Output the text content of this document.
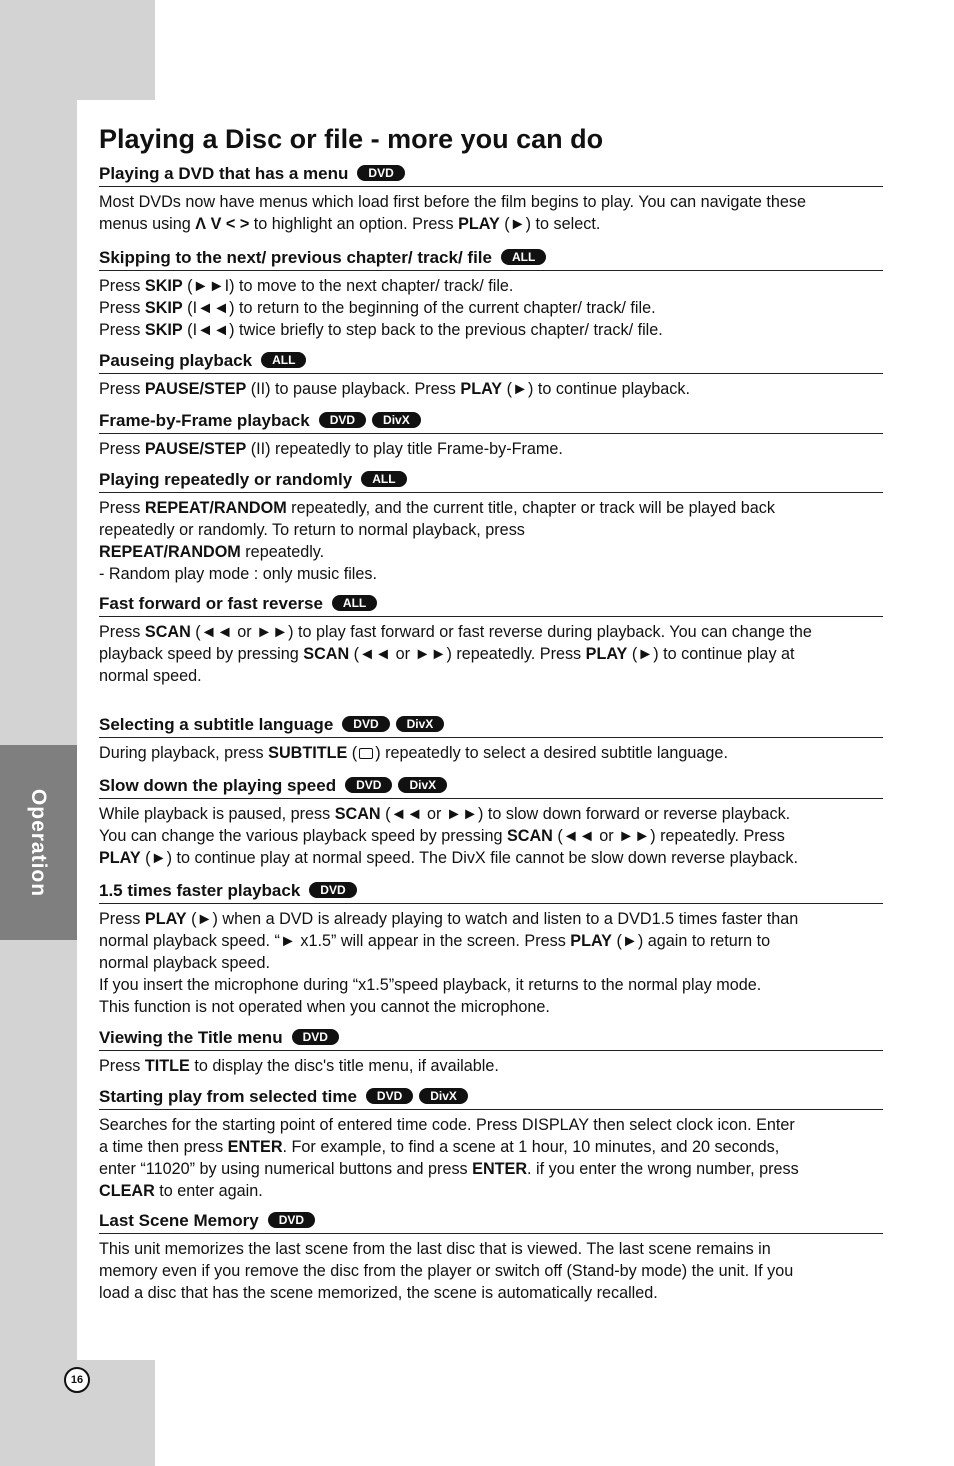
Operation
Playing a Disc or file - more you can do
Playing a DVD that has a menu DVD
Most DVDs now have menus which load first before the film begins to play. You can navigate these
menus using Λ V < > to highlight an option. Press PLAY (►) to select.
Skipping to the next/ previous chapter/ track/ file ALL
Press SKIP (►►I) to move to the next chapter/ track/ file.
Press SKIP (I◄◄) to return to the beginning of the current chapter/ track/ file.
Press SKIP (I◄◄) twice briefly to step back to the previous chapter/ track/ file.
Pauseing playback ALL
Press PAUSE/STEP (II) to pause playback. Press PLAY (►) to continue playback.
Frame-by-Frame playback DVD DivX
Press PAUSE/STEP (II) repeatedly to play title Frame-by-Frame.
Playing repeatedly or randomly ALL
Press REPEAT/RANDOM repeatedly, and the current title, chapter or track will be played back
repeatedly or randomly. To return to normal playback, press
REPEAT/RANDOM repeatedly.
- Random play mode : only music files.
Fast forward or fast reverse ALL
Press SCAN (◄◄ or ►►) to play fast forward or fast reverse during playback. You can change the
playback speed by pressing SCAN (◄◄ or ►►) repeatedly. Press PLAY (►) to continue play at
normal speed.
Selecting a subtitle language DVD DivX
During playback, press SUBTITLE ( ) repeatedly to select a desired subtitle language.
Slow down the playing speed DVD DivX
While playback is paused, press SCAN (◄◄ or ►►) to slow down forward or reverse playback.
You can change the various playback speed by pressing SCAN (◄◄ or ►►) repeatedly. Press
PLAY (►) to continue play at normal speed. The DivX file cannot be slow down reverse playback.
1.5 times faster playback DVD
Press PLAY (►) when a DVD is already playing to watch and listen to a DVD1.5 times faster than
normal playback speed. “► x1.5” will appear in the screen. Press PLAY (►) again to return to
normal playback speed.
If you insert the microphone during “x1.5”speed playback, it returns to the normal play mode.
This function is not operated when you cannot the microphone.
Viewing the Title menu DVD
Press TITLE to display the disc's title menu, if available.
Starting play from selected time DVD DivX
Searches for the starting point of entered time code. Press DISPLAY then select clock icon. Enter
a time then press ENTER. For example, to find a scene at 1 hour, 10 minutes, and 20 seconds,
enter “11020” by using numerical buttons and press ENTER. if you enter the wrong number, press
CLEAR to enter again.
Last Scene Memory DVD
This unit memorizes the last scene from the last disc that is viewed. The last scene remains in
memory even if you remove the disc from the player or switch off (Stand-by mode) the unit. If you
load a disc that has the scene memorized, the scene is automatically recalled.
16
